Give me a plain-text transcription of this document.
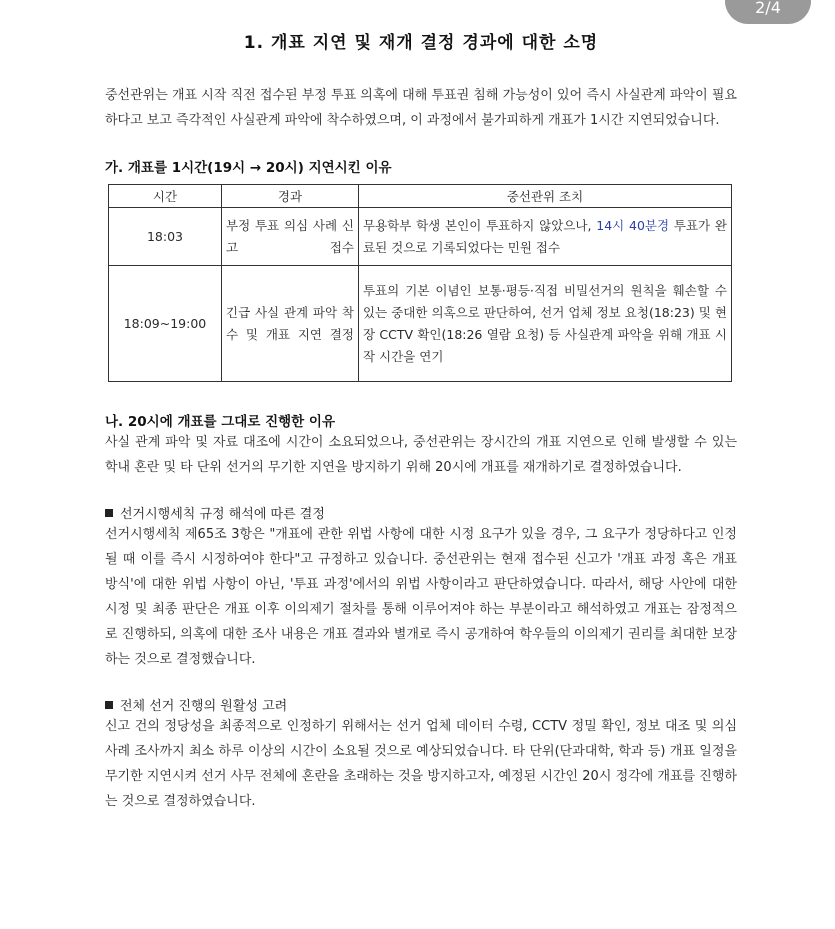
2/4
1. 개표 지연 및 재개 결정 경과에 대한 소명

중선관위는 개표 시작 직전 접수된 부정 투표 의혹에 대해 투표권 침해 가능성이 있어 즉시 사실관계 파악이 필요하다고 보고 즉각적인 사실관계 파악에 착수하였으며, 이 과정에서 불가피하게 개표가 1시간 지연되었습니다.

가. 개표를 1시간(19시 → 20시) 지연시킨 이유
시간	경과	중선관위 조치
18:03	부정 투표 의심 사례 신고 접수	무용학부 학생 본인이 투표하지 않았으나, 14시 40분경 투표가 완료된 것으로 기록되었다는 민원 접수
18:09~19:00	긴급 사실 관계 파악 착수 및 개표 지연 결정	투표의 기본 이념인 보통·평등·직접 비밀선거의 원칙을 훼손할 수 있는 중대한 의혹으로 판단하여, 선거 업체 정보 요청(18:23) 및 현장 CCTV 확인(18:26 열람 요청) 등 사실관계 파악을 위해 개표 시작 시간을 연기
나. 20시에 개표를 그대로 진행한 이유

사실 관계 파악 및 자료 대조에 시간이 소요되었으나, 중선관위는 장시간의 개표 지연으로 인해 발생할 수 있는 학내 혼란 및 타 단위 선거의 무기한 지연을 방지하기 위해 20시에 개표를 재개하기로 결정하였습니다.

선거시행세칙 규정 해석에 따른 결정

선거시행세칙 제65조 3항은 "개표에 관한 위법 사항에 대한 시정 요구가 있을 경우, 그 요구가 정당하다고 인정될 때 이를 즉시 시정하여야 한다"고 규정하고 있습니다. 중선관위는 현재 접수된 신고가 '개표 과정 혹은 개표 방식'에 대한 위법 사항이 아닌, '투표 과정'에서의 위법 사항이라고 판단하였습니다. 따라서, 해당 사안에 대한 시정 및 최종 판단은 개표 이후 이의제기 절차를 통해 이루어져야 하는 부분이라고 해석하였고 개표는 잠정적으로 진행하되, 의혹에 대한 조사 내용은 개표 결과와 별개로 즉시 공개하여 학우들의 이의제기 권리를 최대한 보장하는 것으로 결정했습니다.

전체 선거 진행의 원활성 고려

신고 건의 정당성을 최종적으로 인정하기 위해서는 선거 업체 데이터 수령, CCTV 정밀 확인, 정보 대조 및 의심 사례 조사까지 최소 하루 이상의 시간이 소요될 것으로 예상되었습니다. 타 단위(단과대학, 학과 등) 개표 일정을 무기한 지연시켜 선거 사무 전체에 혼란을 초래하는 것을 방지하고자, 예정된 시간인 20시 정각에 개표를 진행하는 것으로 결정하였습니다.
